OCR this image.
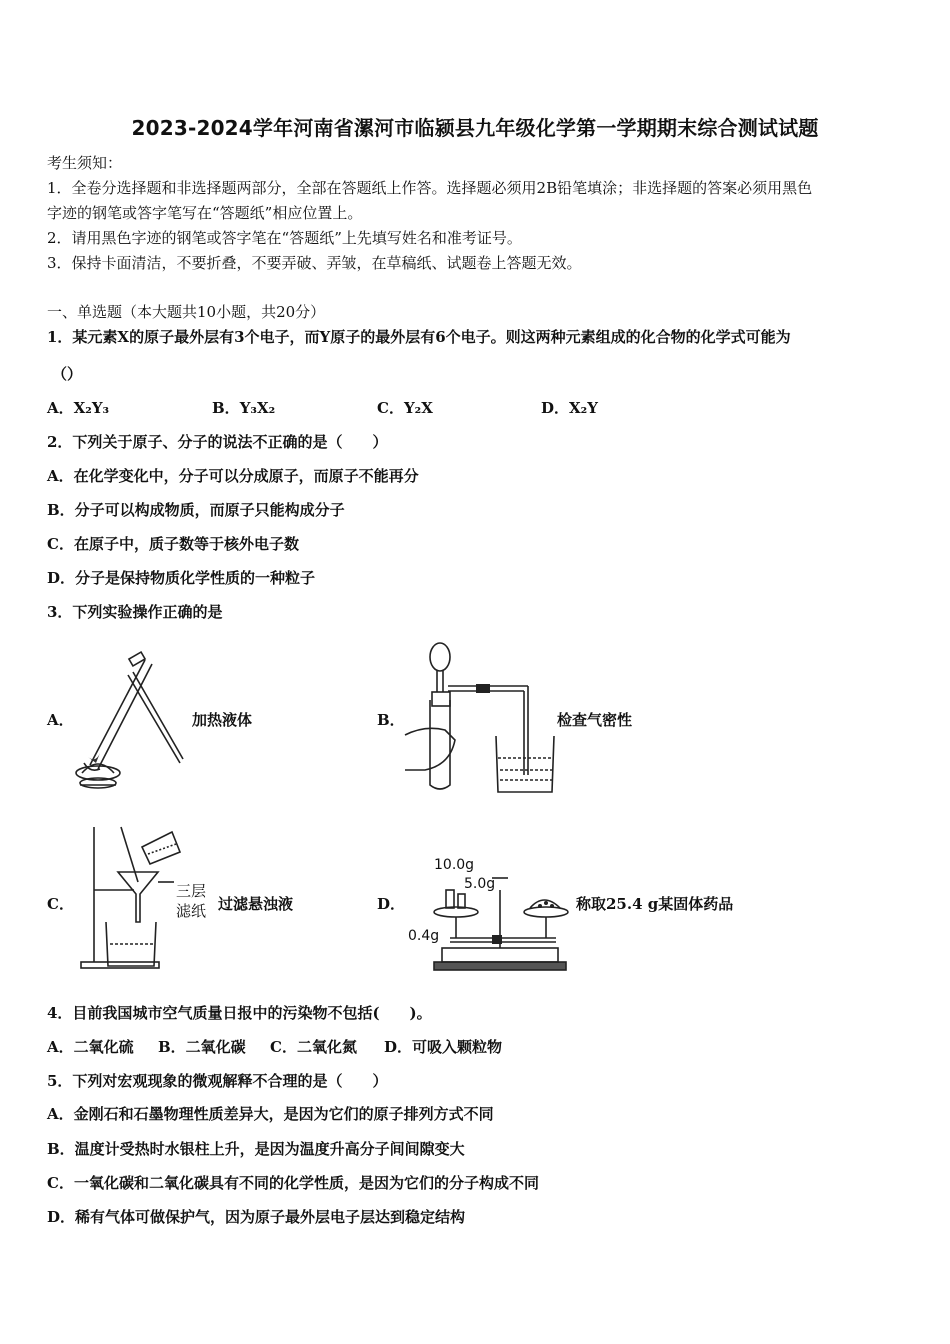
2023-2024学年河南省漯河市临颍县九年级化学第一学期期末综合测试试题
考生须知：
1．全卷分选择题和非选择题两部分，全部在答题纸上作答。选择题必须用2B铅笔填涂；非选择题的答案必须用黑色
字迹的钢笔或答字笔写在“答题纸”相应位置上。
2．请用黑色字迹的钢笔或答字笔在“答题纸”上先填写姓名和准考证号。
3．保持卡面清洁，不要折叠，不要弄破、弄皱，在草稿纸、试题卷上答题无效。
一、单选题（本大题共10小题，共20分）
1．某元素X的原子最外层有3个电子，而Y原子的最外层有6个电子。则这两种元素组成的化合物的化学式可能为
（）
A．X₂Y₃	B．Y₃X₂	C．Y₂X	D．X₂Y
2．下列关于原子、分子的说法不正确的是（　　）
A．在化学变化中，分子可以分成原子，而原子不能再分
B．分子可以构成物质，而原子只能构成分子
C．在原子中，质子数等于核外电子数
D．分子是保持物质化学性质的一种粒子
3．下列实验操作正确的是
A．	加热液体	B．	检查气密性
C．
三层
滤纸 过滤悬浊液	D．
10.0g
5.0g
0.4g
称取25.4 g某固体药品
4．目前我国城市空气质量日报中的污染物不包括(　　)。
A．二氧化硫 B．二氧化碳 C．二氧化氮 D．可吸入颗粒物
5．下列对宏观现象的微观解释不合理的是（　　）
A．金刚石和石墨物理性质差异大，是因为它们的原子排列方式不同
B．温度计受热时水银柱上升，是因为温度升高分子间间隙变大
C．一氧化碳和二氧化碳具有不同的化学性质，是因为它们的分子构成不同
D．稀有气体可做保护气，因为原子最外层电子层达到稳定结构
